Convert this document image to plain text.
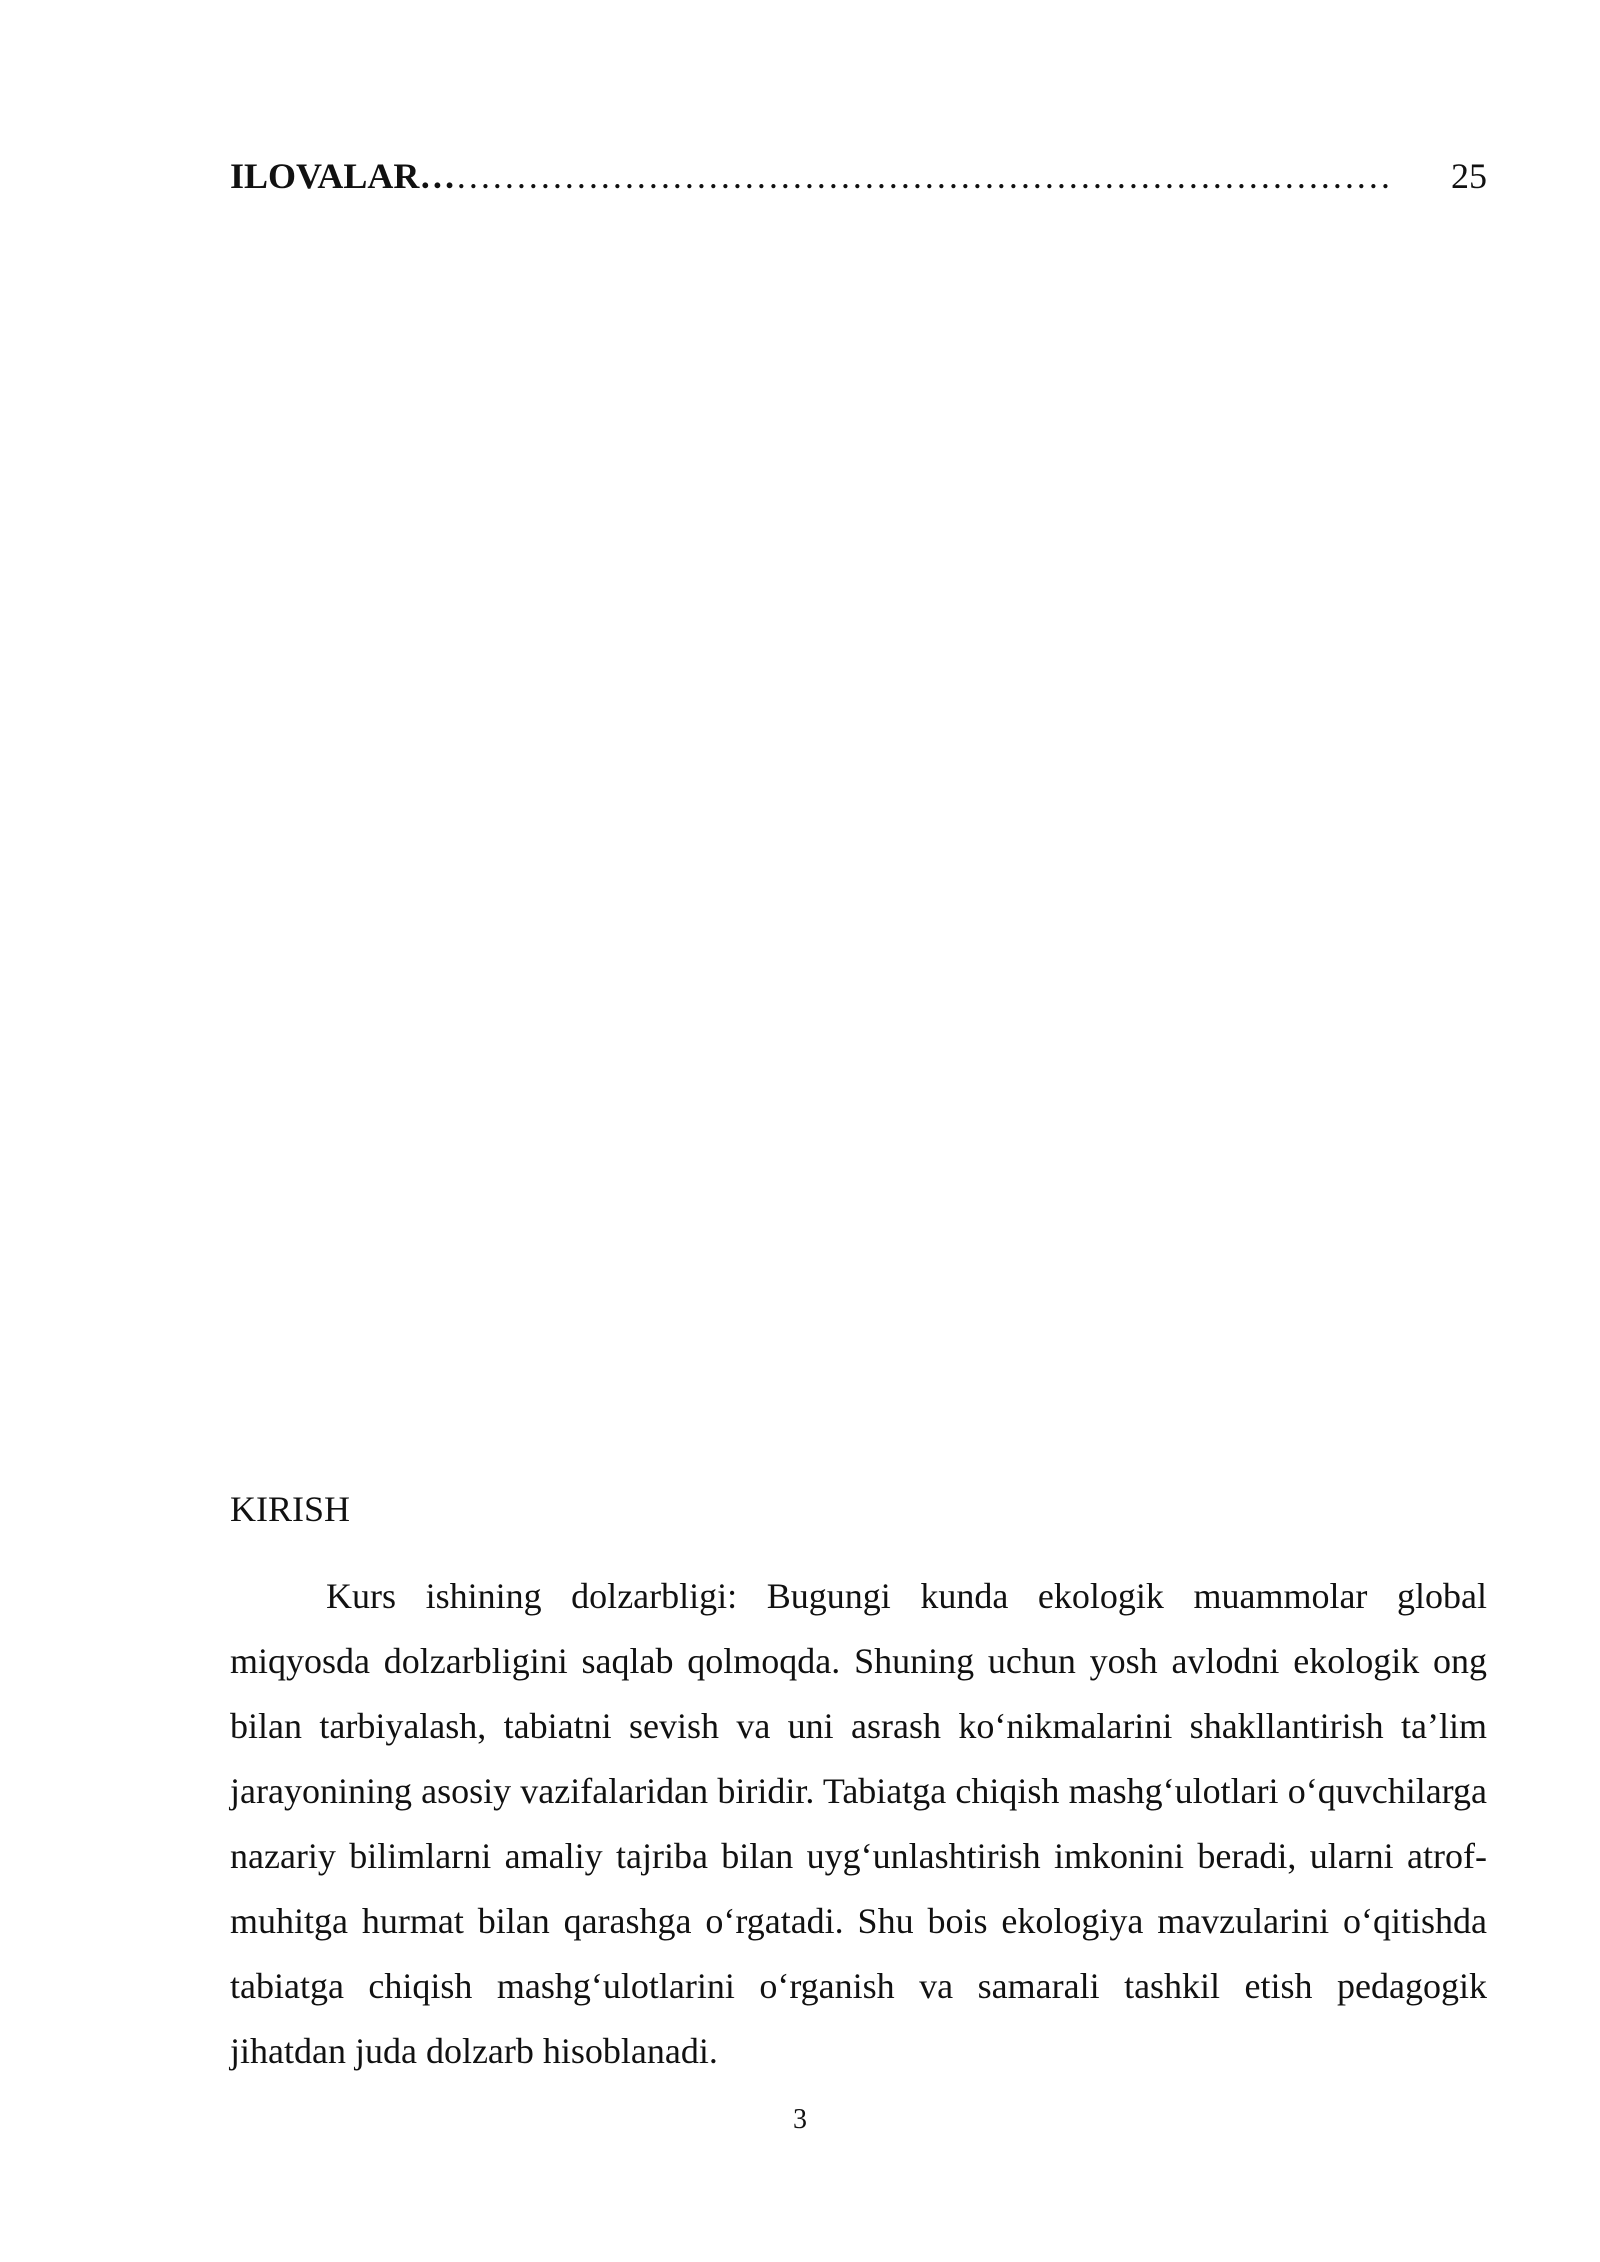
ILOVALAR… ……………………………………………………………………	25
KIRISH

Kurs ishining dolzarbligi: Bugungi kunda ekologik muammolar global miqyosda dolzarbligini saqlab qolmoqda. Shuning uchun yosh avlodni ekologik ong bilan tarbiyalash, tabiatni sevish va uni asrash ko‘nikmalarini shakllantirish ta’lim jarayonining asosiy vazifalaridan biridir. Tabiatga chiqish mashg‘ulotlari o‘quvchilarga nazariy bilimlarni amaliy tajriba bilan uyg‘unlashtirish imkonini beradi, ularni atrof-muhitga hurmat bilan qarashga o‘rgatadi. Shu bois ekologiya mavzularini o‘qitishda tabiatga chiqish mashg‘ulotlarini o‘rganish va samarali tashkil etish pedagogik jihatdan juda dolzarb hisoblanadi.

3
